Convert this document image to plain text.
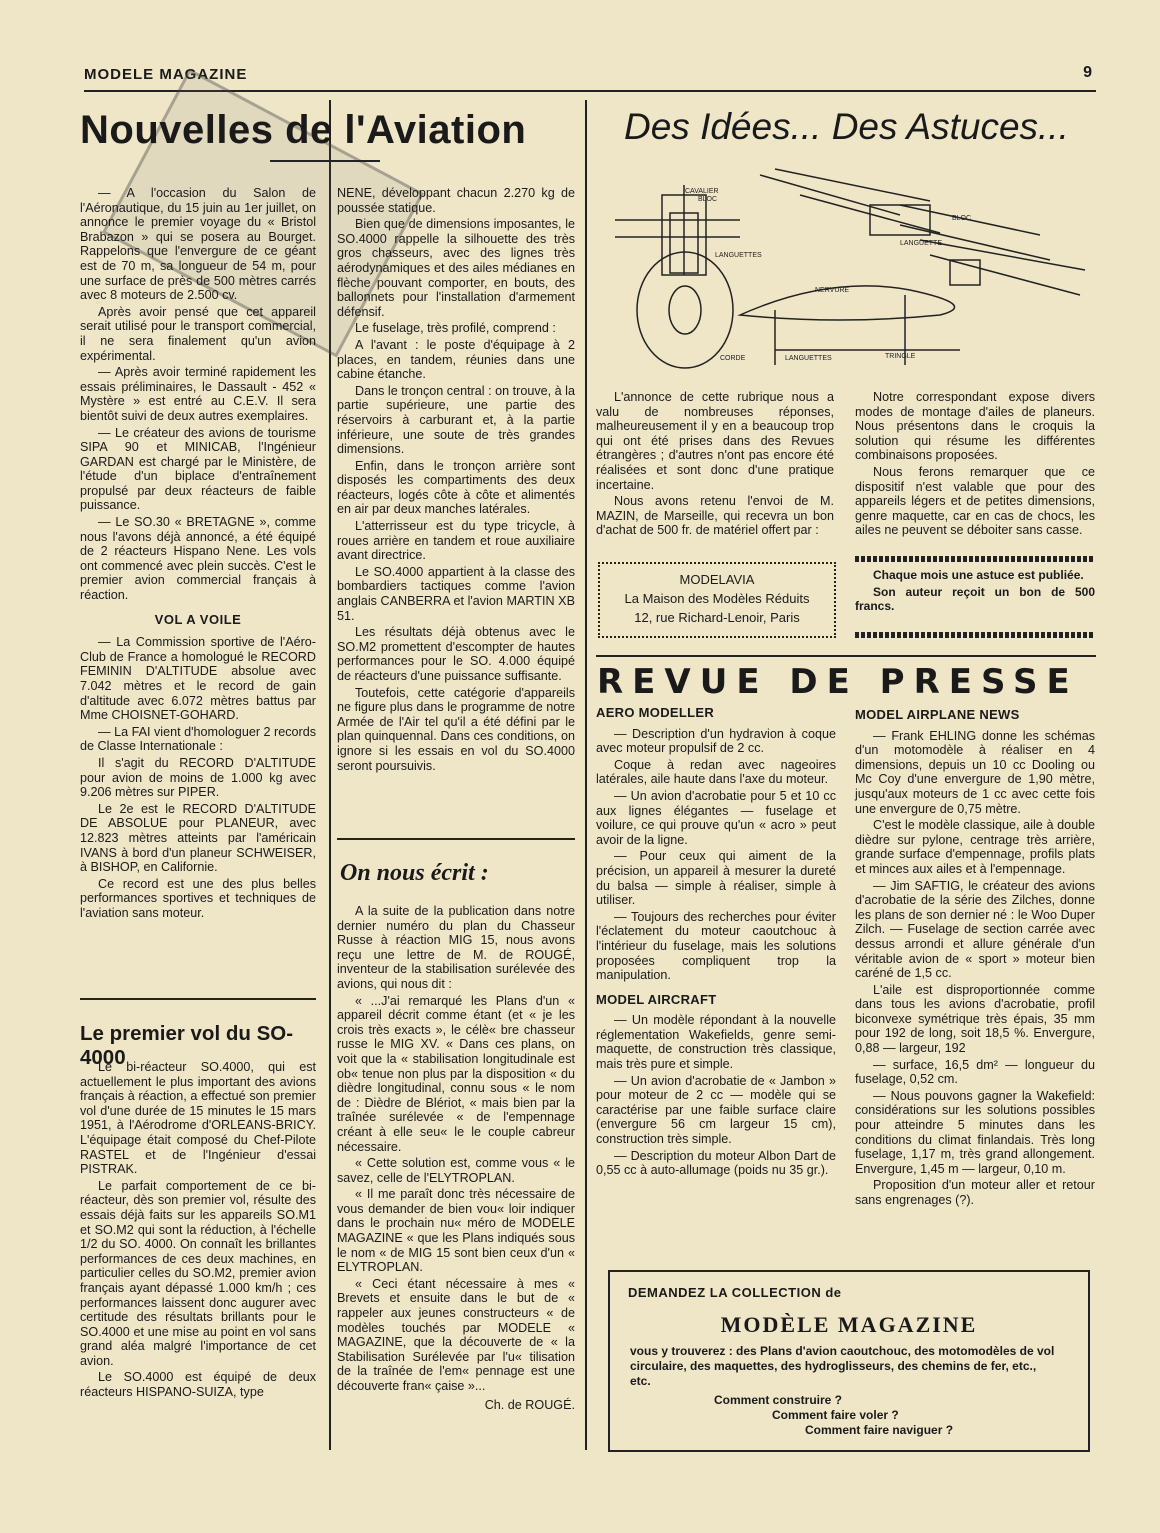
MODELE MAGAZINE	9
Nouvelles de l'Aviation

— A l'occasion du Salon de l'Aéronautique, du 15 juin au 1er juillet, on annonce le premier voyage du « Bristol Brabazon » qui se posera au Bourget. Rappelons que l'envergure de ce géant est de 70 m, sa longueur de 54 m, pour une surface de près de 500 mètres carrés avec 8 moteurs de 2.500 cv.

Après avoir pensé que cet appareil serait utilisé pour le transport commercial, il ne sera finalement qu'un avion expérimental.

— Après avoir terminé rapidement les essais préliminaires, le Dassault - 452 « Mystère » est entré au C.E.V. Il sera bientôt suivi de deux autres exemplaires.

— Le créateur des avions de tourisme SIPA 90 et MINICAB, l'Ingénieur GARDAN est chargé par le Ministère, de l'étude d'un biplace d'entraînement propulsé par deux réacteurs de faible puissance.

— Le SO.30 « BRETAGNE », comme nous l'avons déjà annoncé, a été équipé de 2 réacteurs Hispano Nene. Les vols ont commencé avec plein succès. C'est le premier avion commercial français à réaction.

VOL A VOILE

— La Commission sportive de l'Aéro-Club de France a homologué le RECORD FEMININ D'ALTITUDE absolue avec 7.042 mètres et le record de gain d'altitude avec 6.072 mètres battus par Mme CHOISNET-GOHARD.

— La FAI vient d'homologuer 2 records de Classe Internationale :

Il s'agit du RECORD D'ALTITUDE pour avion de moins de 1.000 kg avec 9.206 mètres sur PIPER.

Le 2e est le RECORD D'ALTITUDE DE ABSOLUE pour PLANEUR, avec 12.823 mètres atteints par l'américain IVANS à bord d'un planeur SCHWEISER, à BISHOP, en Californie.

Ce record est une des plus belles performances sportives et techniques de l'aviation sans moteur.

Le premier vol du SO-4000

Le bi-réacteur SO.4000, qui est actuellement le plus important des avions français à réaction, a effectué son premier vol d'une durée de 15 minutes le 15 mars 1951, à l'Aérodrome d'ORLEANS-BRICY. L'équipage était composé du Chef-Pilote RASTEL et de l'Ingénieur d'essai PISTRAK.

Le parfait comportement de ce bi-réacteur, dès son premier vol, résulte des essais déjà faits sur les appareils SO.M1 et SO.M2 qui sont la réduction, à l'échelle 1/2 du SO. 4000. On connaît les brillantes performances de ces deux machines, en particulier celles du SO.M2, premier avion français ayant dépassé 1.000 km/h ; ces performances laissent donc augurer avec certitude des résultats brillants pour le SO.4000 et une mise au point en vol sans grand aléa malgré l'importance de cet avion.

Le SO.4000 est équipé de deux réacteurs HISPANO-SUIZA, type

NENE, développant chacun 2.270 kg de poussée statique.

Bien que de dimensions imposantes, le SO.4000 rappelle la silhouette des très gros chasseurs, avec des lignes très aérodynamiques et des ailes médianes en flèche pouvant comporter, en bouts, des ballonnets pour l'installation d'armement défensif.

Le fuselage, très profilé, comprend :

A l'avant : le poste d'équipage à 2 places, en tandem, réunies dans une cabine étanche.

Dans le tronçon central : on trouve, à la partie supérieure, une partie des réservoirs à carburant et, à la partie inférieure, une soute de très grandes dimensions.

Enfin, dans le tronçon arrière sont disposés les compartiments des deux réacteurs, logés côte à côte et alimentés en air par deux manches latérales.

L'atterrisseur est du type tricycle, à roues arrière en tandem et roue auxiliaire avant directrice.

Le SO.4000 appartient à la classe des bombardiers tactiques comme l'avion anglais CANBERRA et l'avion MARTIN XB 51.

Les résultats déjà obtenus avec le SO.M2 promettent d'escompter de hautes performances pour le SO. 4.000 équipé de réacteurs d'une puissance suffisante.

Toutefois, cette catégorie d'appareils ne figure plus dans le programme de notre Armée de l'Air tel qu'il a été défini par le plan quinquennal. Dans ces conditions, on ignore si les essais en vol du SO.4000 seront poursuivis.

On nous écrit :

A la suite de la publication dans notre dernier numéro du plan du Chasseur Russe à réaction MIG 15, nous avons reçu une lettre de M. de ROUGÉ, inventeur de la stabilisation surélevée des avions, qui nous dit :

« ...J'ai remarqué les Plans d'un « appareil décrit comme étant (et « je les crois très exacts », le célè« bre chasseur russe le MIG XV. « Dans ces plans, on voit que la « stabilisation longitudinale est ob« tenue non plus par la disposition « du dièdre longitudinal, connu sous « le nom de : Dièdre de Blériot, « mais bien par la traînée surélevée « de l'empennage créant à elle seu« le le couple cabreur nécessaire.

« Cette solution est, comme vous « le savez, celle de l'ELYTROPLAN.

« Il me paraît donc très nécessaire de vous demander de bien vou« loir indiquer dans le prochain nu« méro de MODELE MAGAZINE « que les Plans indiqués sous le nom « de MIG 15 sont bien ceux d'un « ELYTROPLAN.

« Ceci étant nécessaire à mes « Brevets et ensuite dans le but de « rappeler aux jeunes constructeurs « de modèles touchés par MODELE « MAGAZINE, que la découverte de « la Stabilisation Surélevée par l'u« tilisation de la traînée de l'em« pennage est une découverte fran« çaise »...

Ch. de ROUGÉ.

Des Idées... Des Astuces...
CAVALIER
BLOC
LANGUETTES
BLOC
LANGUETTE
NERVURE
CORDE	LANGUETTES	TRINGLE

L'annonce de cette rubrique nous a valu de nombreuses réponses, malheureusement il y en a beaucoup trop qui ont été prises dans des Revues étrangères ; d'autres n'ont pas encore été réalisées et sont donc d'une pratique incertaine.

Nous avons retenu l'envoi de M. MAZIN, de Marseille, qui recevra un bon d'achat de 500 fr. de matériel offert par :

MODELAVIA
La Maison des Modèles Réduits
12, rue Richard-Lenoir, Paris

Notre correspondant expose divers modes de montage d'ailes de planeurs. Nous présentons dans le croquis la solution qui résume les différentes combinaisons proposées.

Nous ferons remarquer que ce dispositif n'est valable que pour des appareils légers et de petites dimensions, genre maquette, car en cas de chocs, les ailes ne peuvent se déboiter sans casse.

Chaque mois une astuce est publiée.

Son auteur reçoit un bon de 500 francs.

REVUE DE PRESSE
AERO MODELLER

— Description d'un hydravion à coque avec moteur propulsif de 2 cc.

Coque à redan avec nageoires latérales, aile haute dans l'axe du moteur.

— Un avion d'acrobatie pour 5 et 10 cc aux lignes élégantes — fuselage et voilure, ce qui prouve qu'un « acro » peut avoir de la ligne.

— Pour ceux qui aiment de la précision, un appareil à mesurer la dureté du balsa — simple à réaliser, simple à utiliser.

— Toujours des recherches pour éviter l'éclatement du moteur caoutchouc à l'intérieur du fuselage, mais les solutions proposées compliquent trop la manipulation.

MODEL AIRCRAFT

— Un modèle répondant à la nouvelle réglementation Wakefields, genre semi-maquette, de construction très classique, mais très pure et simple.

— Un avion d'acrobatie de « Jambon » pour moteur de 2 cc — modèle qui se caractérise par une faible surface claire (envergure 56 cm largeur 15 cm), construction très simple.

— Description du moteur Albon Dart de 0,55 cc à auto-allumage (poids nu 35 gr.).

MODEL AIRPLANE NEWS

— Frank EHLING donne les schémas d'un motomodèle à réaliser en 4 dimensions, depuis un 10 cc Dooling ou Mc Coy d'une envergure de 1,90 mètre, jusqu'aux moteurs de 1 cc avec cette fois une envergure de 0,75 mètre.

C'est le modèle classique, aile à double dièdre sur pylone, centrage très arrière, grande surface d'empennage, profils plats et minces aux ailes et à l'empennage.

— Jim SAFTIG, le créateur des avions d'acrobatie de la série des Zilches, donne les plans de son dernier né : le Woo Duper Zilch. — Fuselage de section carrée avec dessus arrondi et allure générale d'un véritable avion de « sport » moteur bien caréné de 1,5 cc.

L'aile est disproportionnée comme dans tous les avions d'acrobatie, profil biconvexe symétrique très épais, 35 mm pour 192 de long, soit 18,5 %. Envergure, 0,88 — largeur, 192

— surface, 16,5 dm² — longueur du fuselage, 0,52 cm.

— Nous pouvons gagner la Wakefield: considérations sur les solutions possibles pour atteindre 5 minutes dans les conditions du climat finlandais. Très long fuselage, 1,17 m, très grand allongement. Envergure, 1,45 m — largeur, 0,10 m.

Proposition d'un moteur aller et retour sans engrenages (?).

DEMANDEZ LA COLLECTION de
MODÈLE MAGAZINE
vous y trouverez : des Plans d'avion caoutchouc, des motomodèles de vol circulaire, des maquettes, des hydroglisseurs, des chemins de fer, etc., etc.
Comment construire ?
Comment faire voler ?
Comment faire naviguer ?
